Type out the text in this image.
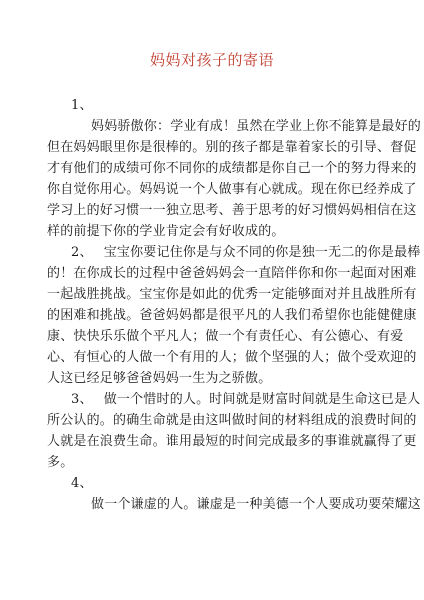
妈妈对孩子的寄语
1、
妈妈骄傲你：学业有成！虽然在学业上你不能算是最好的
但在妈妈眼里你是很棒的。别的孩子都是靠着家长的引导、督促
才有他们的成绩可你不同你的成绩都是你自己一个的努力得来的
你自觉你用心。妈妈说一个人做事有心就成。现在你已经养成了
学习上的好习惯一一独立思考、善于思考的好习惯妈妈相信在这
样的前提下你的学业肯定会有好收成的。
2、　 宝宝你要记住你是与众不同的你是独一无二的你是最棒
的！在你成长的过程中爸爸妈妈会一直陪伴你和你一起面对困难
一起战胜挑战。宝宝你是如此的优秀一定能够面对并且战胜所有
的困难和挑战。爸爸妈妈都是很平凡的人我们希望你也能健健康
康、快快乐乐做个平凡人；做一个有责任心、有公德心、有爱
心、有恒心的人做一个有用的人；做个坚强的人；做个受欢迎的
人这已经足够爸爸妈妈一生为之骄傲。
3、　 做一个惜时的人。时间就是财富时间就是生命这已是人
所公认的。的确生命就是由这叫做时间的材料组成的浪费时间的
人就是在浪费生命。谁用最短的时间完成最多的事谁就赢得了更
多。
4、
做一个谦虚的人。谦虚是一种美德一个人要成功要荣耀这
